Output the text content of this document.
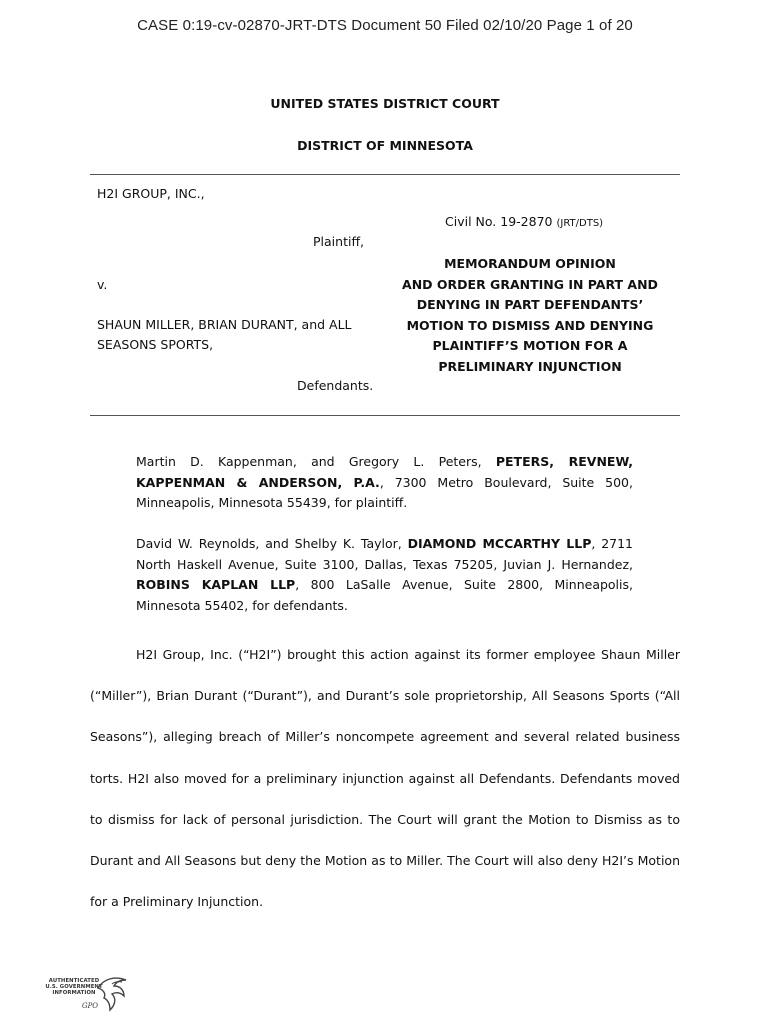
CASE 0:19-cv-02870-JRT-DTS Document 50 Filed 02/10/20 Page 1 of 20
UNITED STATES DISTRICT COURT
DISTRICT OF MINNESOTA
H2I GROUP, INC.,
Civil No. 19-2870 (JRT/DTS)
Plaintiff,
v.
SHAUN MILLER, BRIAN DURANT, and ALL
SEASONS SPORTS,
Defendants.
MEMORANDUM OPINION
AND ORDER GRANTING IN PART AND
DENYING IN PART DEFENDANTS’
MOTION TO DISMISS AND DENYING
PLAINTIFF’S MOTION FOR A
PRELIMINARY INJUNCTION
Martin D. Kappenman, and Gregory L. Peters, PETERS, REVNEW, KAPPENMAN & ANDERSON, P.A., 7300 Metro Boulevard, Suite 500, Minneapolis, Minnesota 55439, for plaintiff.
David W. Reynolds, and Shelby K. Taylor, DIAMOND MCCARTHY LLP, 2711 North Haskell Avenue, Suite 3100, Dallas, Texas 75205, Juvian J. Hernandez, ROBINS KAPLAN LLP, 800 LaSalle Avenue, Suite 2800, Minneapolis, Minnesota 55402, for defendants.
H2I Group, Inc. (“H2I”) brought this action against its former employee Shaun Miller (“Miller”), Brian Durant (“Durant”), and Durant’s sole proprietorship, All Seasons Sports (“All Seasons”), alleging breach of Miller’s noncompete agreement and several related business torts. H2I also moved for a preliminary injunction against all Defendants. Defendants moved to dismiss for lack of personal jurisdiction. The Court will grant the Motion to Dismiss as to Durant and All Seasons but deny the Motion as to Miller. The Court will also deny H2I’s Motion for a Preliminary Injunction.
AUTHENTICATED
U.S. GOVERNMENT
INFORMATION
GPO
